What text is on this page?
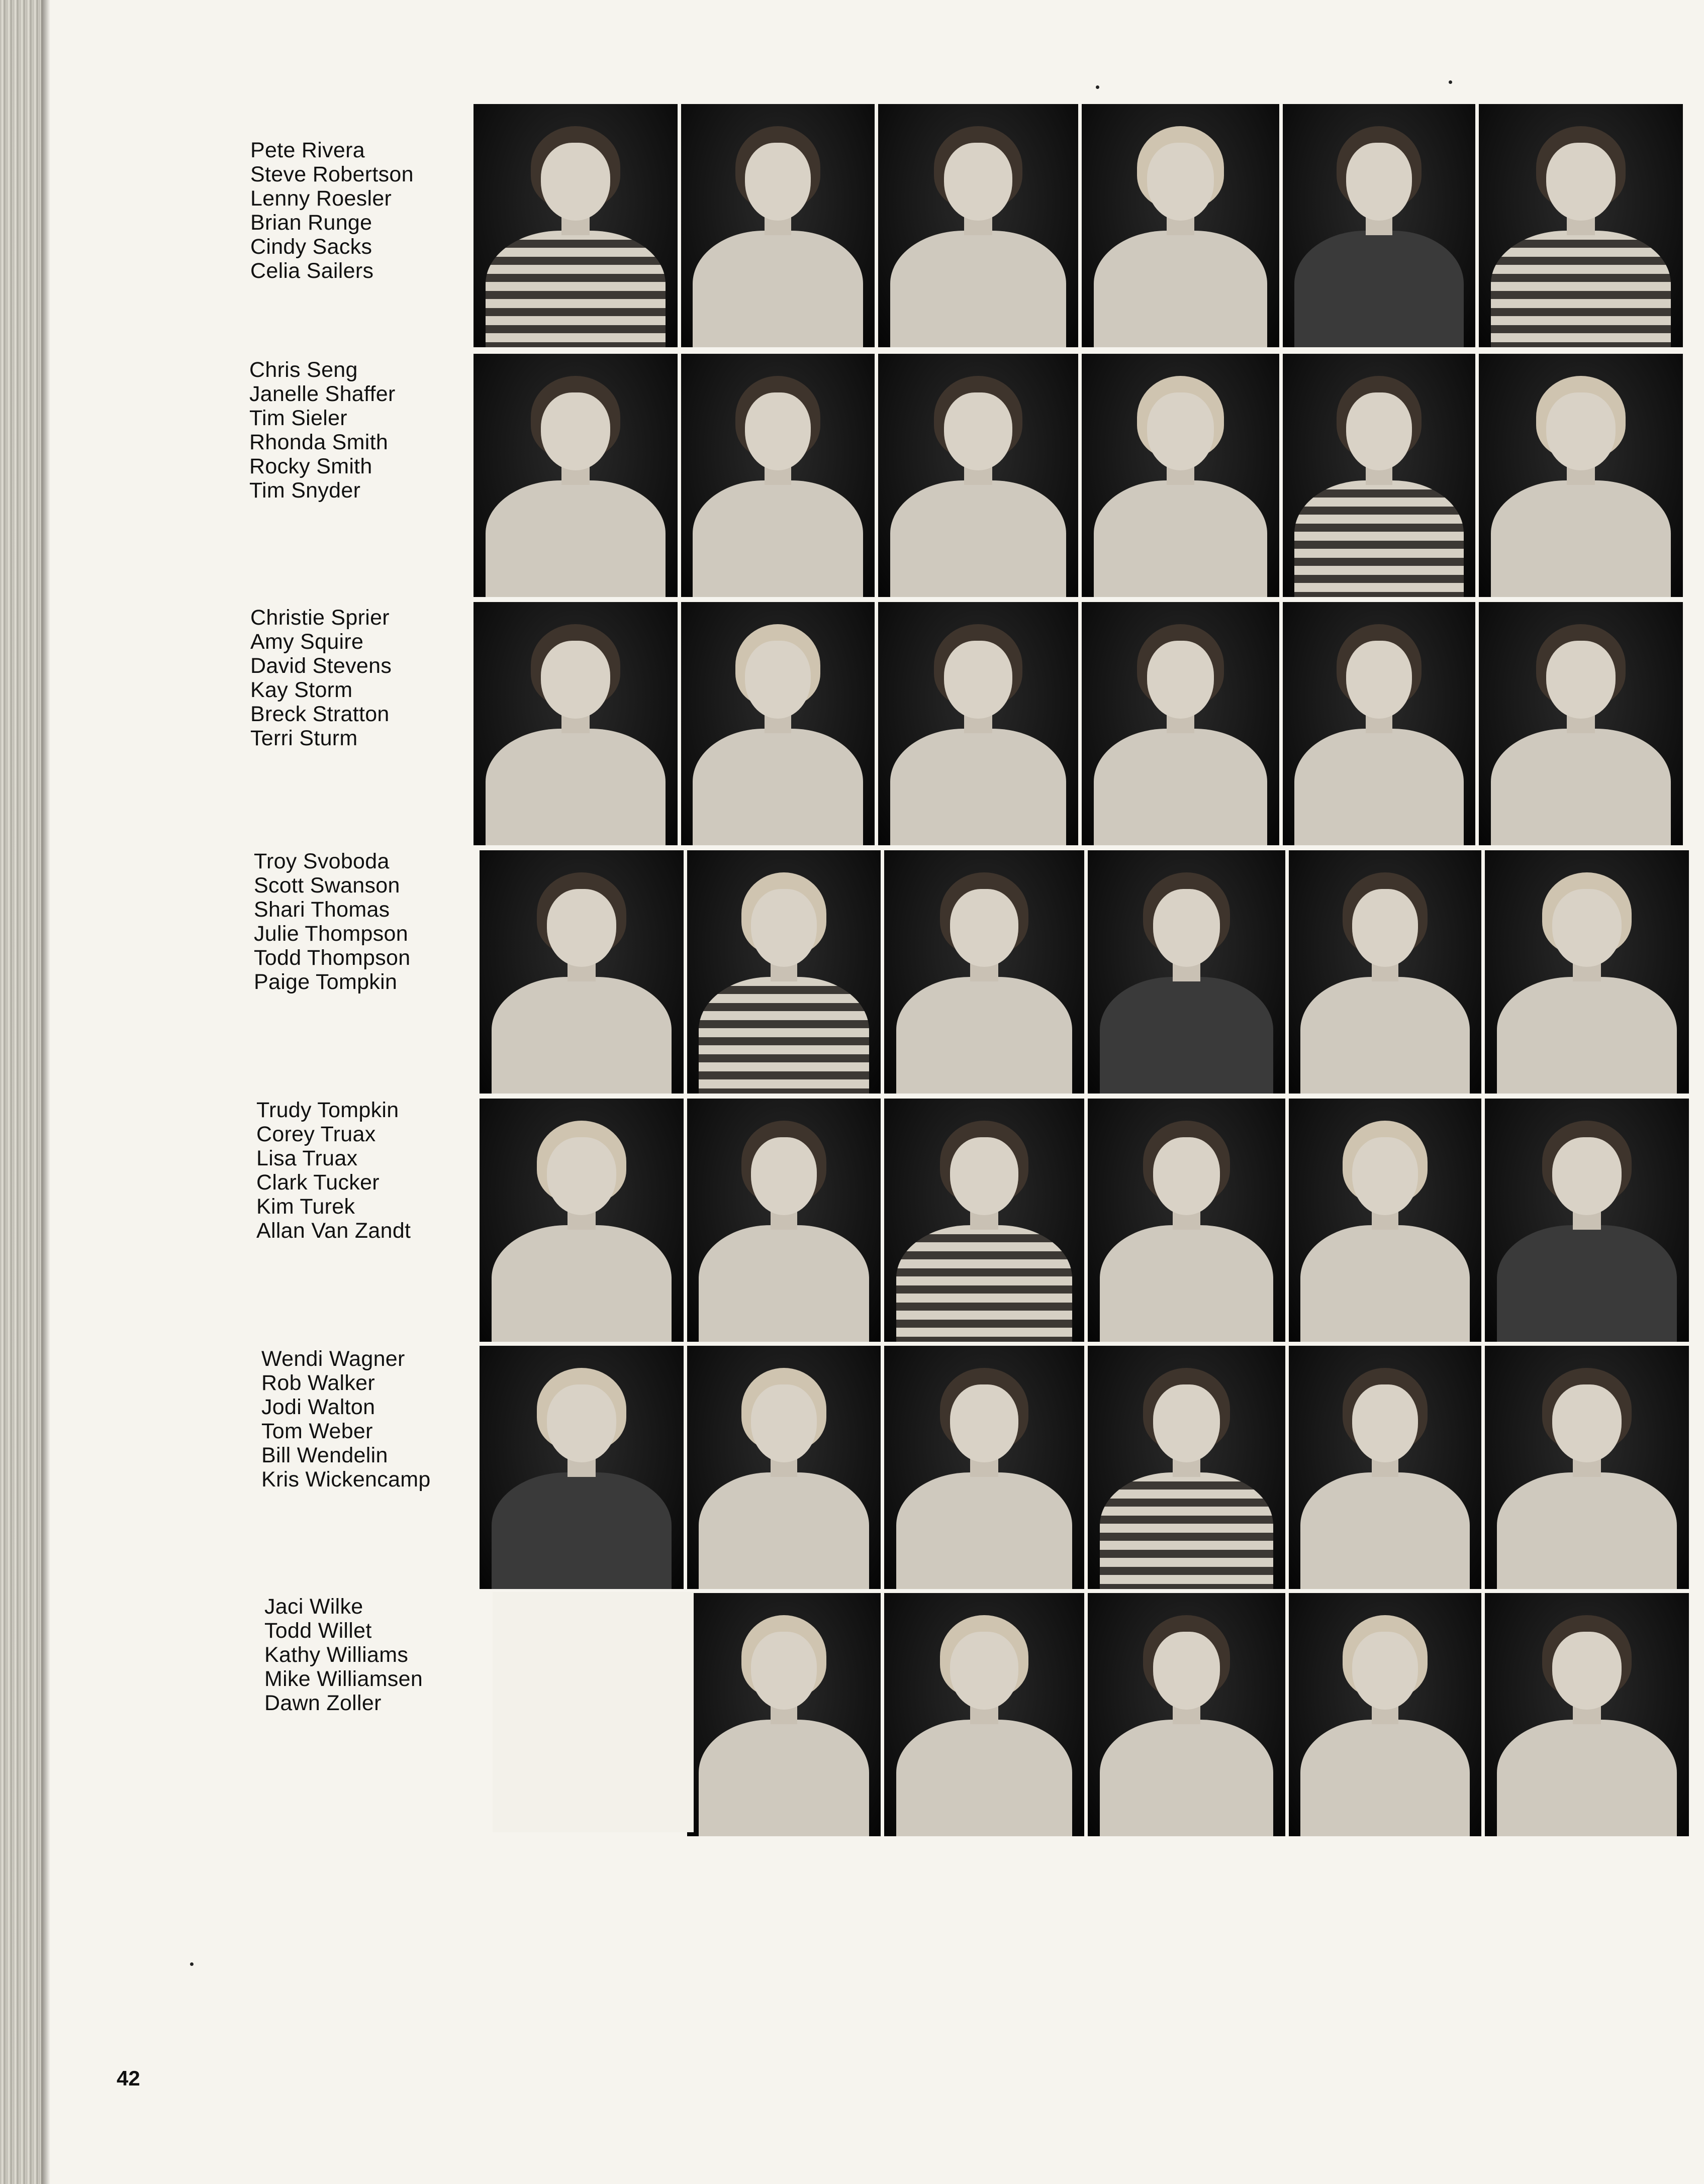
Pete Rivera
Steve Robertson
Lenny Roesler
Brian Runge
Cindy Sacks
Celia Sailers
Chris Seng
Janelle Shaffer
Tim Sieler
Rhonda Smith
Rocky Smith
Tim Snyder
Christie Sprier
Amy Squire
David Stevens
Kay Storm
Breck Stratton
Terri Sturm
Troy Svoboda
Scott Swanson
Shari Thomas
Julie Thompson
Todd Thompson
Paige Tompkin
Trudy Tompkin
Corey Truax
Lisa Truax
Clark Tucker
Kim Turek
Allan Van Zandt
Wendi Wagner
Rob Walker
Jodi Walton
Tom Weber
Bill Wendelin
Kris Wickencamp
Jaci Wilke
Todd Willet
Kathy Williams
Mike Williamsen
Dawn Zoller
42
